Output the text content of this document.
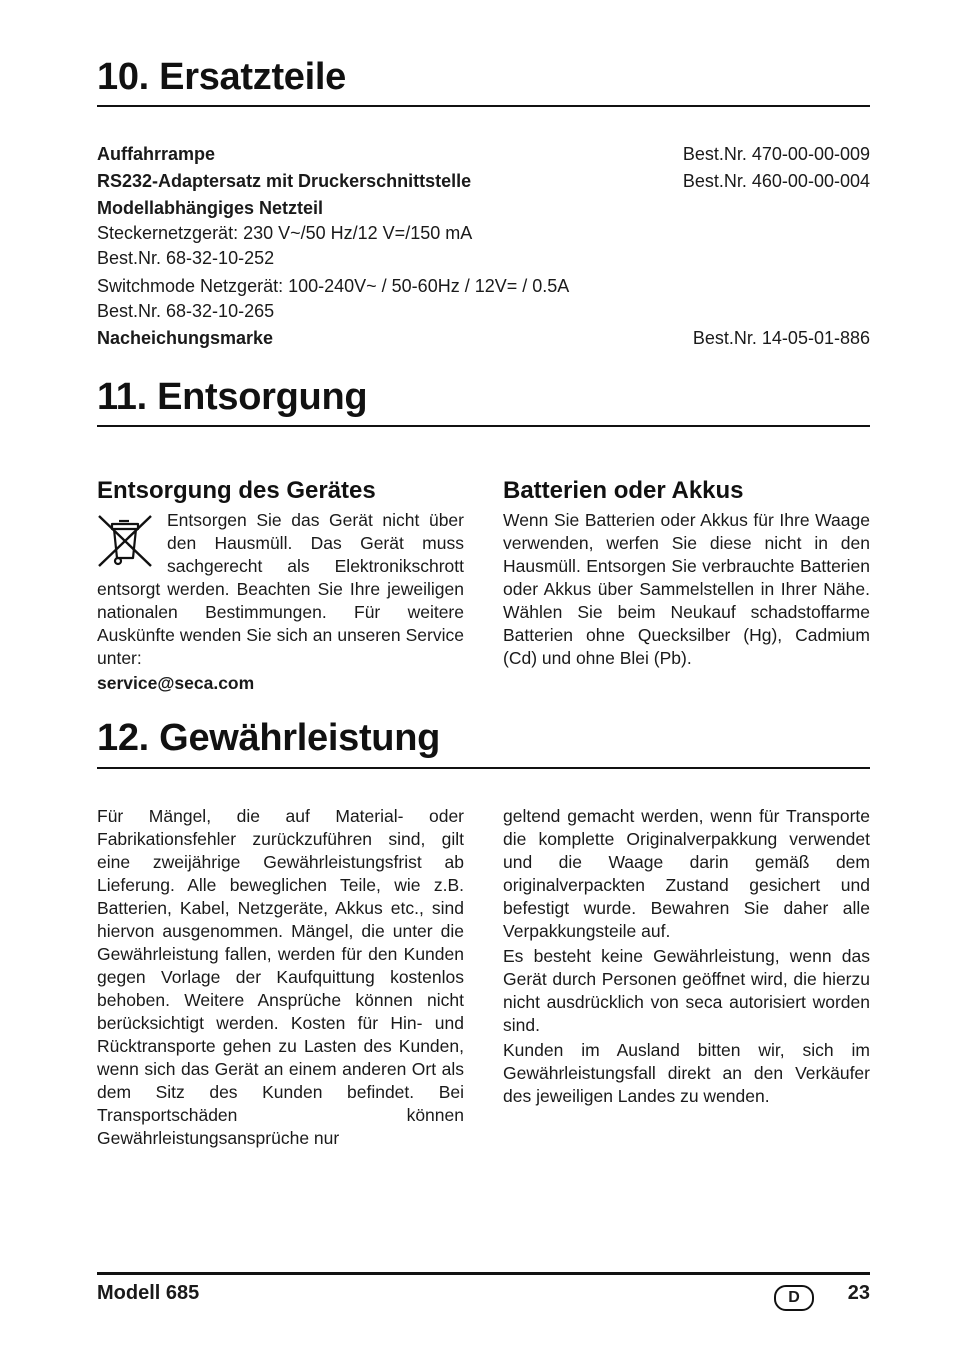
10. Ersatzteile
Auffahrrampe	Best.Nr. 470-00-00-009
RS232-Adaptersatz mit Druckerschnittstelle	Best.Nr. 460-00-00-004
Modellabhängiges Netzteil
Steckernetzgerät: 230 V~/50 Hz/12 V=/150 mA
Best.Nr. 68-32-10-252
Switchmode Netzgerät: 100-240V~ / 50-60Hz / 12V= / 0.5A
Best.Nr. 68-32-10-265
Nacheichungsmarke	Best.Nr. 14-05-01-886
11. Entsorgung
Entsorgung des Gerätes

Entsorgen Sie das Gerät nicht über den Hausmüll. Das Gerät muss sachgerecht als Elektronikschrott entsorgt werden. Beachten Sie Ihre jeweiligen nationalen Bestimmungen. Für weitere Auskünfte wenden Sie sich an unseren Service unter:

service@seca.com

Batterien oder Akkus

Wenn Sie Batterien oder Akkus für Ihre Waage verwenden, werfen Sie diese nicht in den Hausmüll. Entsorgen Sie verbrauchte Batterien oder Akkus über Sammelstellen in Ihrer Nähe. Wählen Sie beim Neukauf schadstoffarme Batterien ohne Quecksilber (Hg), Cadmium (Cd) und ohne Blei (Pb).

12. Gewährleistung

Für Mängel, die auf Material- oder Fabrikationsfehler zurückzuführen sind, gilt eine zweijährige Gewährleistungsfrist ab Lieferung. Alle beweglichen Teile, wie z.B. Batterien, Kabel, Netzgeräte, Akkus etc., sind hiervon ausgenommen. Mängel, die unter die Gewährleistung fallen, werden für den Kunden gegen Vorlage der Kaufquittung kostenlos behoben. Weitere Ansprüche können nicht berücksichtigt werden. Kosten für Hin- und Rücktransporte gehen zu Lasten des Kunden, wenn sich das Gerät an einem anderen Ort als dem Sitz des Kunden befindet. Bei Transportschäden können Gewährleistungsansprüche nur

geltend gemacht werden, wenn für Transporte die komplette Originalverpakkung verwendet und die Waage darin gemäß dem originalverpackten Zustand gesichert und befestigt wurde. Bewahren Sie daher alle Verpakkungsteile auf.

Es besteht keine Gewährleistung, wenn das Gerät durch Personen geöffnet wird, die hierzu nicht ausdrücklich von seca autorisiert worden sind.

Kunden im Ausland bitten wir, sich im Gewährleistungsfall direkt an den Verkäufer des jeweiligen Landes zu wenden.

Modell 685	D	23
